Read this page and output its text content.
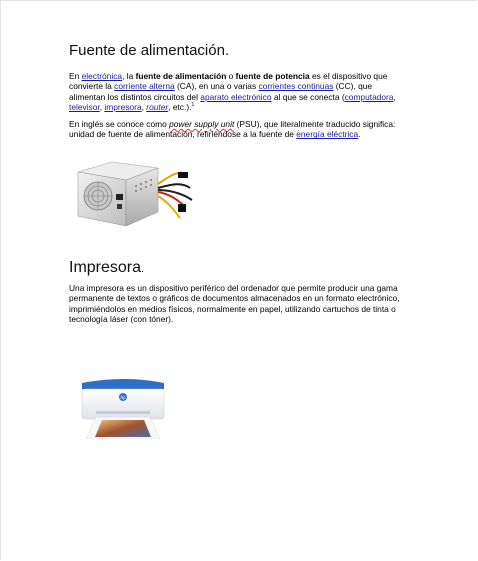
Fuente de alimentación.

En electrónica, la fuente de alimentación o fuente de potencia es el dispositivo que convierte la corriente alterna (CA), en una o varias corrientes continuas (CC), que alimentan los distintos circuitos del aparato electrónico al que se conecta (computadora, televisor, impresora, router, etc.).$^1$

En inglés se conoce como power supply unit (PSU), que literalmente traducido significa: unidad de fuente de alimentación, refiriéndose a la fuente de energía eléctrica.

Impresora.

Una impresora es un dispositivo periférico del ordenador que permite producir una gama permanente de textos o gráficos de documentos almacenados en un formato electrónico, imprimiéndolos en medios físicos, normalmente en papel, utilizando cartuchos de tinta o tecnología láser (con tóner).

hp
